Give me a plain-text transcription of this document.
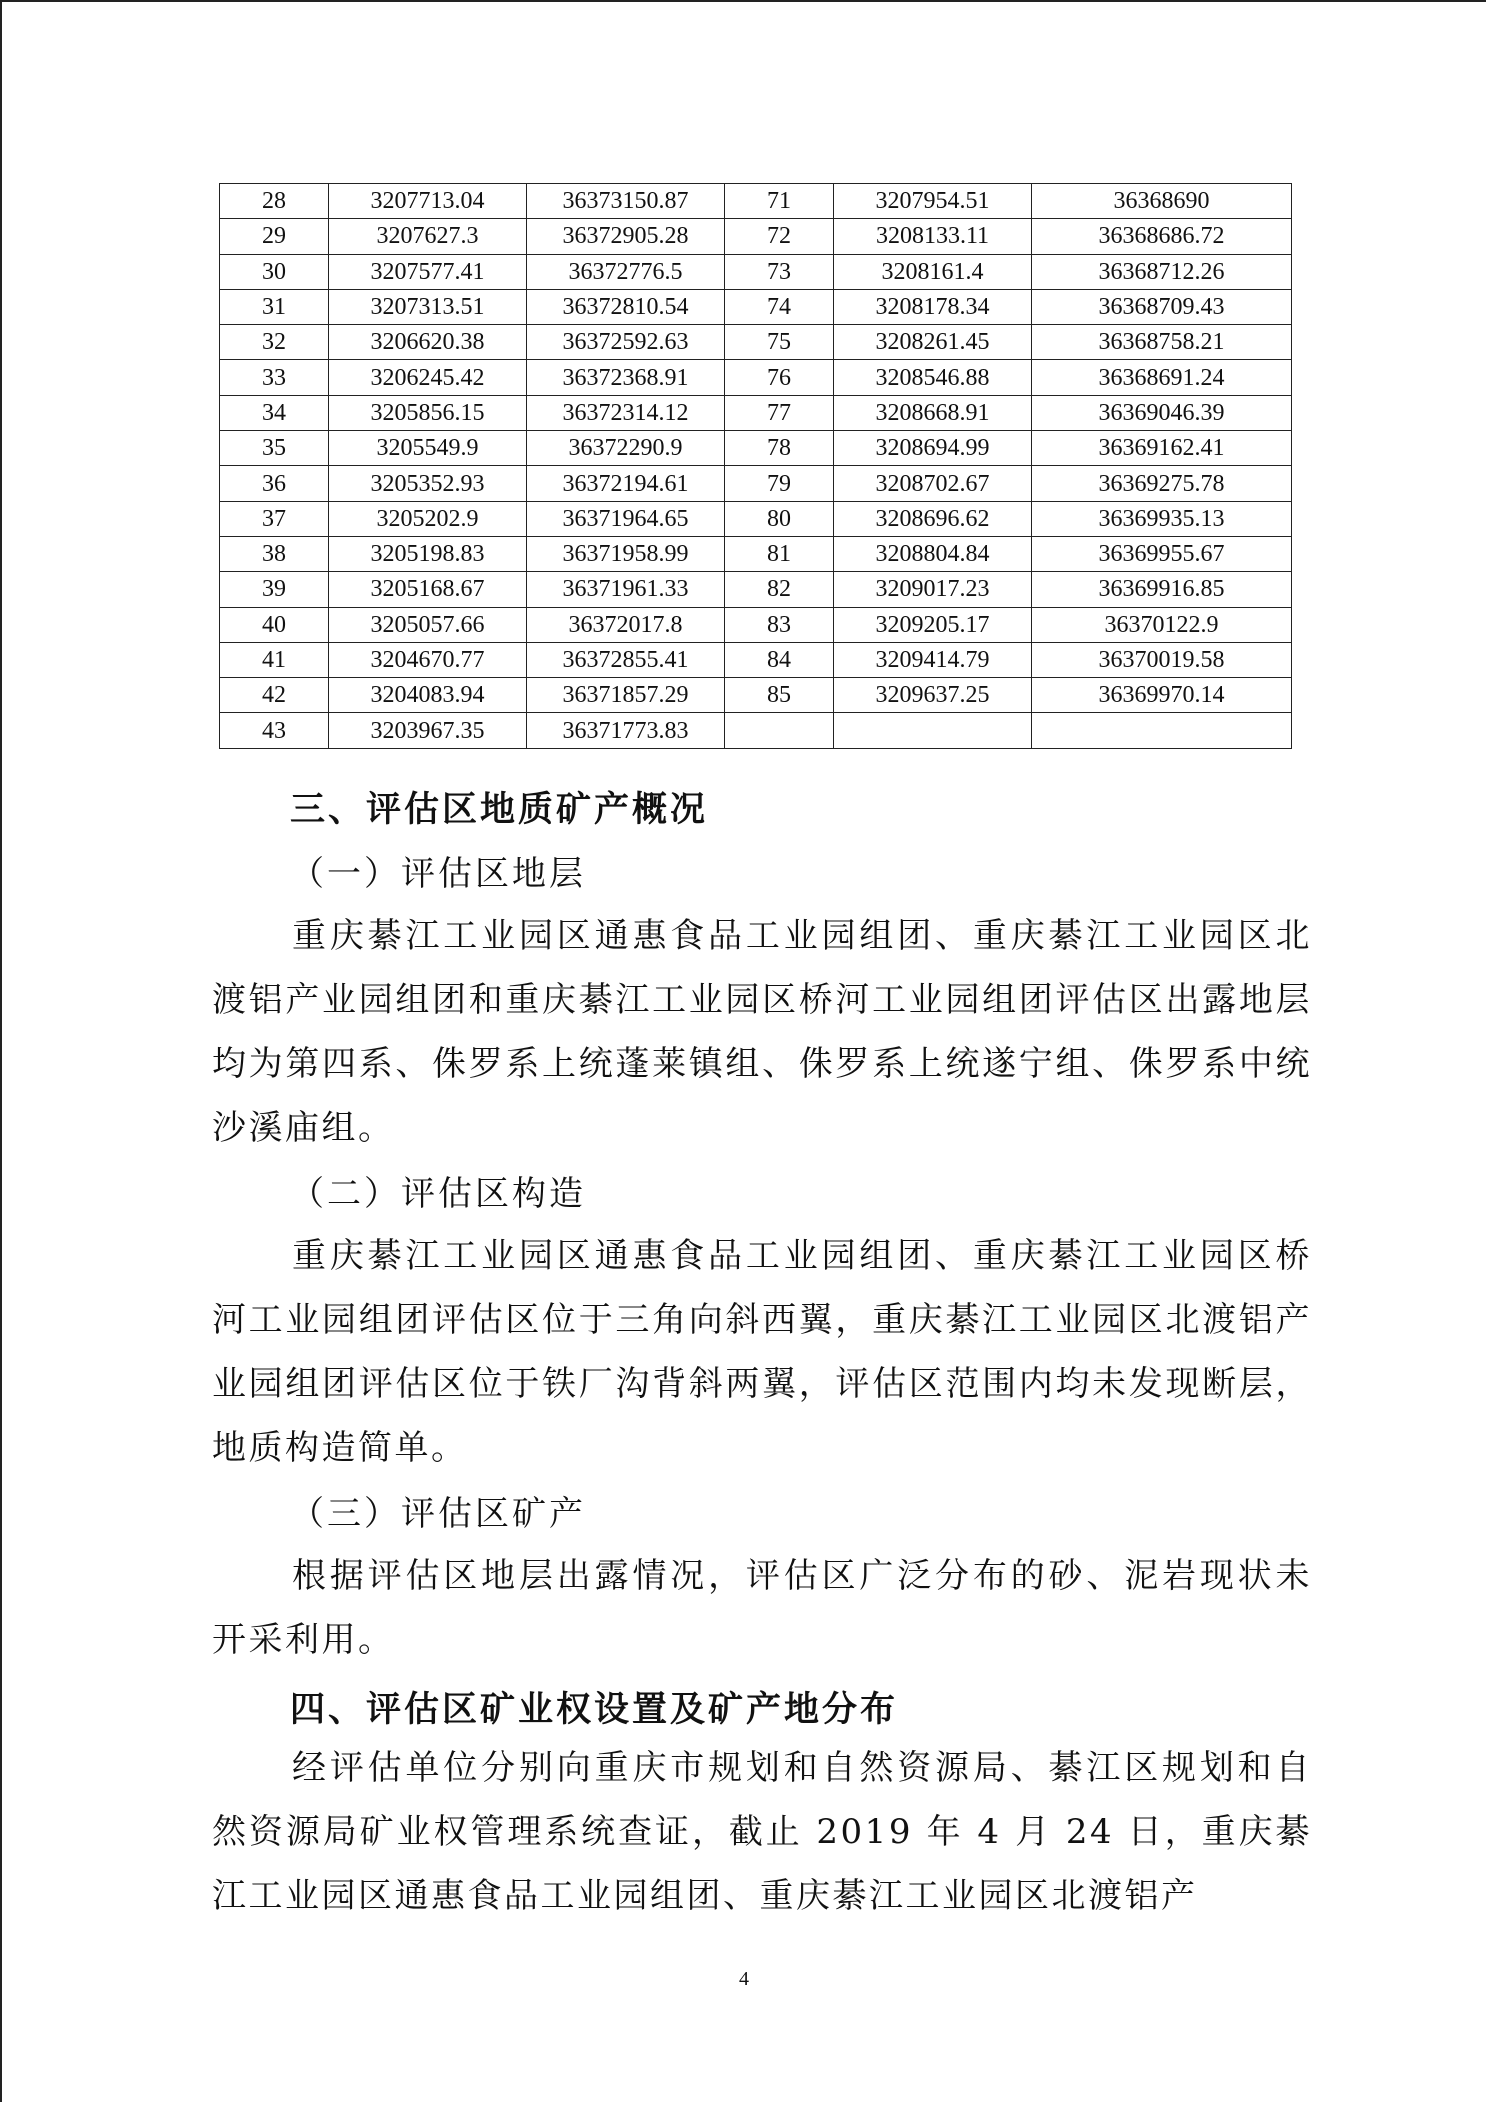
28	3207713.04	36373150.87	71	3207954.51	36368690
29	3207627.3	36372905.28	72	3208133.11	36368686.72
30	3207577.41	36372776.5	73	3208161.4	36368712.26
31	3207313.51	36372810.54	74	3208178.34	36368709.43
32	3206620.38	36372592.63	75	3208261.45	36368758.21
33	3206245.42	36372368.91	76	3208546.88	36368691.24
34	3205856.15	36372314.12	77	3208668.91	36369046.39
35	3205549.9	36372290.9	78	3208694.99	36369162.41
36	3205352.93	36372194.61	79	3208702.67	36369275.78
37	3205202.9	36371964.65	80	3208696.62	36369935.13
38	3205198.83	36371958.99	81	3208804.84	36369955.67
39	3205168.67	36371961.33	82	3209017.23	36369916.85
40	3205057.66	36372017.8	83	3209205.17	36370122.9
41	3204670.77	36372855.41	84	3209414.79	36370019.58
42	3204083.94	36371857.29	85	3209637.25	36369970.14
43	3203967.35	36371773.83			
三、评估区地质矿产概况
（一）评估区地层
重庆綦江工业园区通惠食品工业园组团、重庆綦江工业园区北渡铝产业园组团和重庆綦江工业园区桥河工业园组团评估区出露地层均为第四系、侏罗系上统蓬莱镇组、侏罗系上统遂宁组、侏罗系中统沙溪庙组。
（二）评估区构造
重庆綦江工业园区通惠食品工业园组团、重庆綦江工业园区桥河工业园组团评估区位于三角向斜西翼，重庆綦江工业园区北渡铝产业园组团评估区位于铁厂沟背斜两翼，评估区范围内均未发现断层，地质构造简单。
（三）评估区矿产
根据评估区地层出露情况，评估区广泛分布的砂、泥岩现状未开采利用。
四、评估区矿业权设置及矿产地分布
经评估单位分别向重庆市规划和自然资源局、綦江区规划和自然资源局矿业权管理系统查证，截止 2019 年 4 月 24 日，重庆綦江工业园区通惠食品工业园组团、重庆綦江工业园区北渡铝产
4
